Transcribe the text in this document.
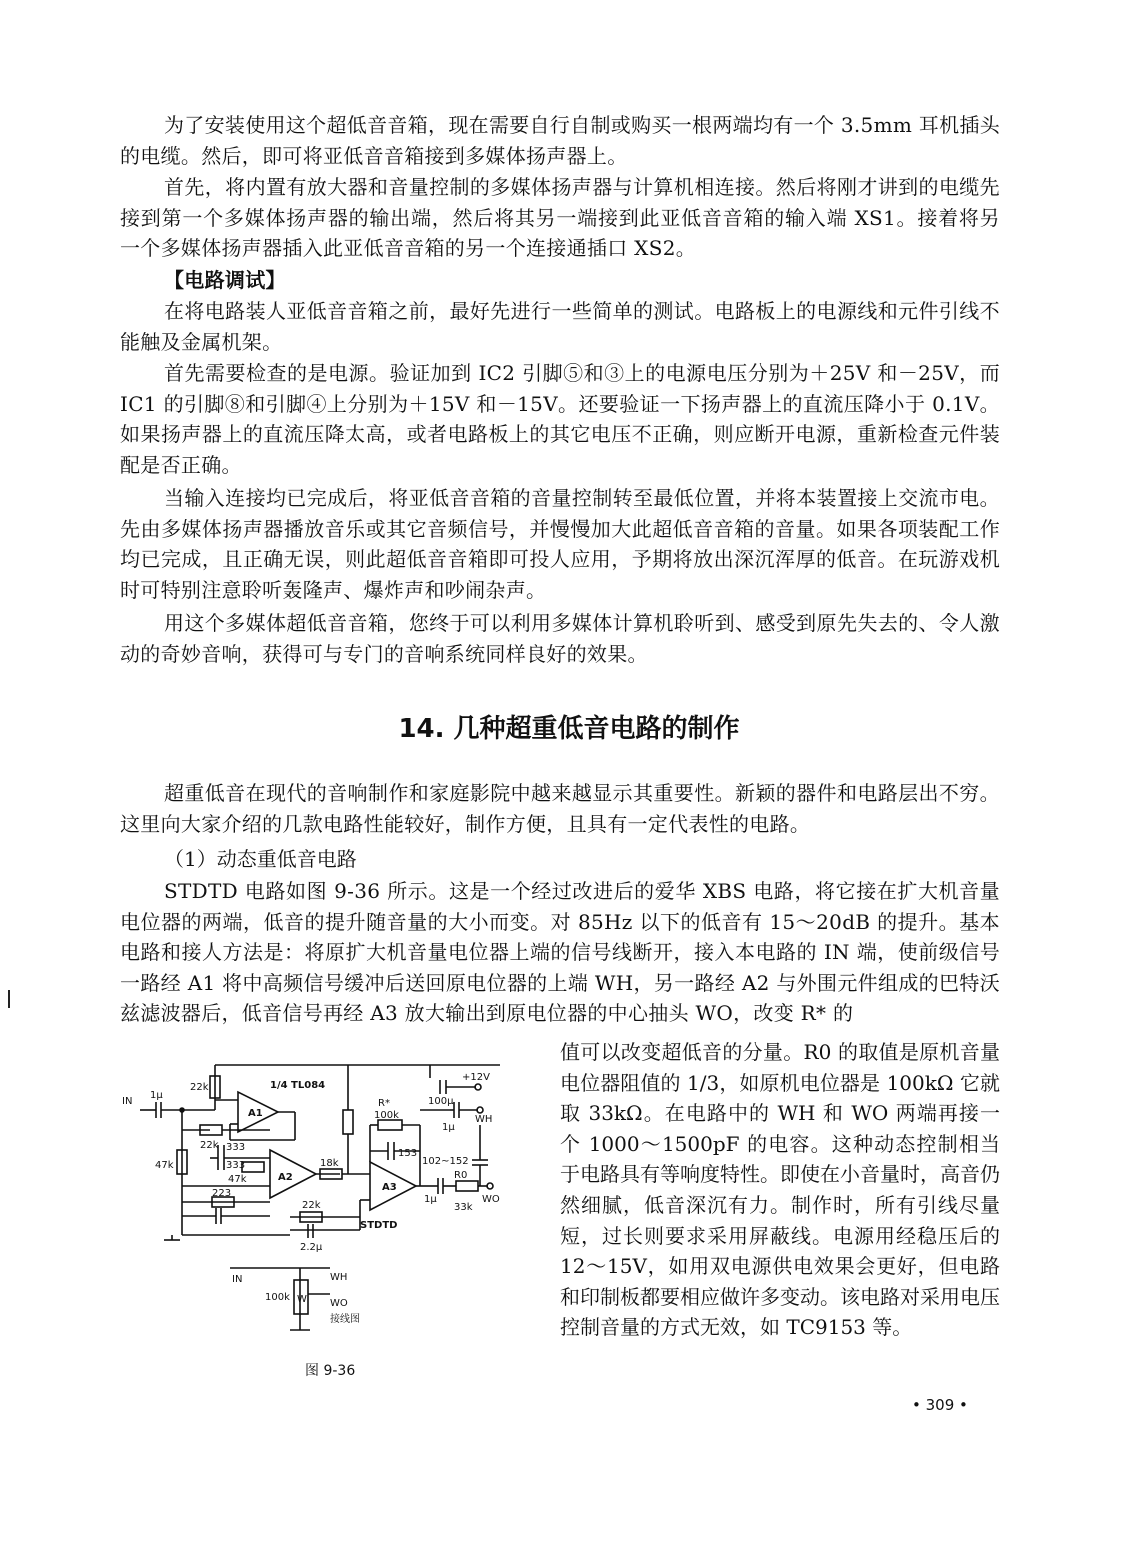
为了安装使用这个超低音音箱，现在需要自行自制或购买一根两端均有一个 3.5mm 耳机插头的电缆。然后，即可将亚低音音箱接到多媒体扬声器上。

首先，将内置有放大器和音量控制的多媒体扬声器与计算机相连接。然后将刚才讲到的电缆先接到第一个多媒体扬声器的输出端，然后将其另一端接到此亚低音音箱的输入端 XS1。接着将另一个多媒体扬声器插入此亚低音音箱的另一个连接通插口 XS2。

【电路调试】

在将电路装人亚低音音箱之前，最好先进行一些简单的测试。电路板上的电源线和元件引线不能触及金属机架。

首先需要检查的是电源。验证加到 IC2 引脚⑤和③上的电源电压分别为＋25V 和－25V，而 IC1 的引脚⑧和引脚④上分别为＋15V 和－15V。还要验证一下扬声器上的直流压降小于 0.1V。如果扬声器上的直流压降太高，或者电路板上的其它电压不正确，则应断开电源，重新检查元件装配是否正确。

当输入连接均已完成后，将亚低音音箱的音量控制转至最低位置，并将本装置接上交流市电。先由多媒体扬声器播放音乐或其它音频信号，并慢慢加大此超低音音箱的音量。如果各项装配工作均已完成，且正确无误，则此超低音音箱即可投人应用，予期将放出深沉浑厚的低音。在玩游戏机时可特别注意聆听轰隆声、爆炸声和吵闹杂声。

用这个多媒体超低音音箱，您终于可以利用多媒体计算机聆听到、感受到原先失去的、令人激动的奇妙音响，获得可与专门的音响系统同样良好的效果。

14. 几种超重低音电路的制作

超重低音在现代的音响制作和家庭影院中越来越显示其重要性。新颖的器件和电路层出不穷。这里向大家介绍的几款电路性能较好，制作方便，且具有一定代表性的电路。

（1）动态重低音电路

STDTD 电路如图 9-36 所示。这是一个经过改进后的爱华 XBS 电路，将它接在扩大机音量电位器的两端，低音的提升随音量的大小而变。对 85Hz 以下的低音有 15～20dB 的提升。基本电路和接人方法是：将原扩大机音量电位器上端的信号线断开，接入本电路的 IN 端，使前级信号一路经 A1 将中高频信号缓冲后送回原电位器的上端 WH，另一路经 A2 与外围元件组成的巴特沃兹滤波器后，低音信号再经 A3 放大输出到原电位器的中心抽头 WO，改变 R* 的

值可以改变超低音的分量。R0 的取值是原机音量电位器阻值的 1/3，如原机电位器是 100kΩ 它就取 33kΩ。在电路中的 WH 和 WO 两端再接一个 1000～1500pF 的电容。这种动态控制相当于电路具有等响度特性。即使在小音量时，高音仍然细腻，低音深沉有力。制作时，所有引线尽量短，过长则要求采用屏蔽线。电源用经稳压后的 12～15V，如用双电源供电效果会更好，但电路和印制板都要相应做许多变动。该电路对采用电压控制音量的方式无效，如 TC9153 等。

IN
1μ
22k	1/4 TL084
A1
+12V
100μ
WH
22k 333
333
47k
47k
223
A2
18k
22k
2.2μ
R*
100k
153
A3
1μ
R0
33k
WO
102~152
1μ
STDTD
IN
W
100k
WH
WO
接线图
图 9-36
• 309 •
